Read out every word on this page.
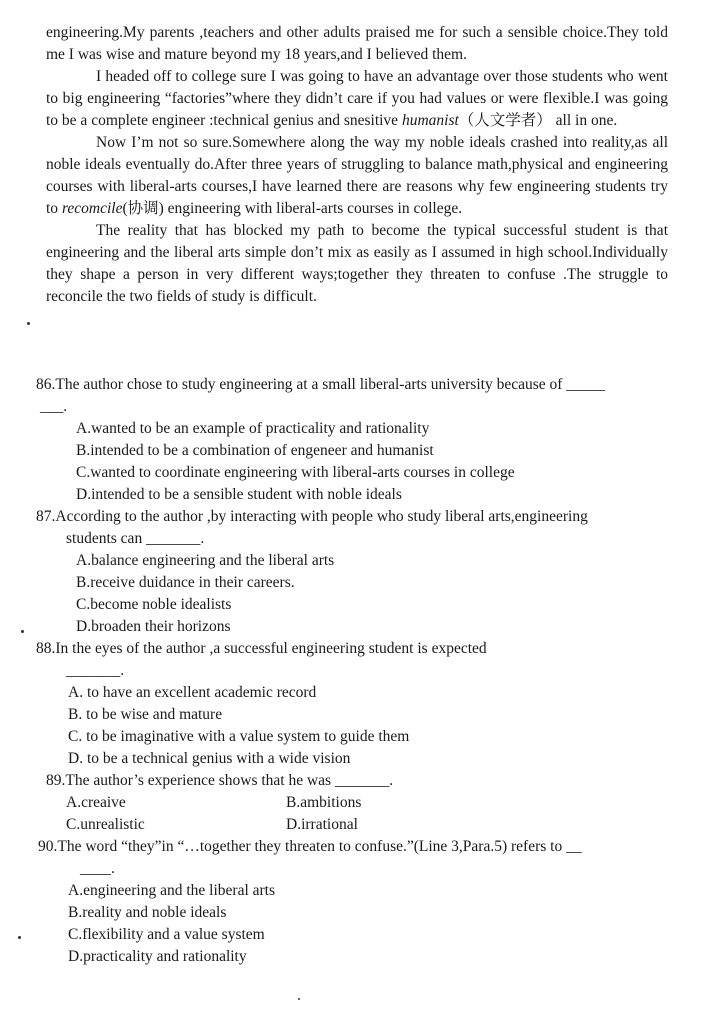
engineering.My parents ,teachers and other adults praised me for such a sensible choice.They told me I was wise and mature beyond my 18 years,and I believed them.

I headed off to college sure I was going to have an advantage over those students who went to big engineering “factories”where they didn’t care if you had values or were flexible.I was going to be a complete engineer :technical genius and snesitive humanist（人文学者） all in one.

Now I’m not so sure.Somewhere along the way my noble ideals crashed into reality,as all noble ideals eventually do.After three years of struggling to balance math,physical and engineering courses with liberal-arts courses,I have learned there are reasons why few engineering students try to recomcile(协调) engineering with liberal-arts courses in college.

The reality that has blocked my path to become the typical successful student is that engineering and the liberal arts simple don’t mix as easily as I assumed in high school.Individually they shape a person in very different ways;together they threaten to confuse .The struggle to reconcile the two fields of study is difficult.

86.The author chose to study engineering at a small liberal-arts university because of _____

___.

A.wanted to be an example of practicality and rationality

B.intended to be a combination of engeneer and humanist

C.wanted to coordinate engineering with liberal-arts courses in college

D.intended to be a sensible student with noble ideals

87.According to the author ,by interacting with people who study liberal arts,engineering

students can _______.

A.balance engineering and the liberal arts

B.receive duidance in their careers.

C.become noble idealists

D.broaden their horizons

88.In the eyes of the author ,a successful engineering student is expected

_______.

A. to have an excellent academic record

B. to be wise and mature

C. to be imaginative with a value system to guide them

D. to be a technical genius with a wide vision

89.The author’s experience shows that he was _______.

A.creaive	B.ambitions

C.unrealistic	D.irrational

90.The word “they”in “…together they threaten to confuse.”(Line 3,Para.5) refers to __

____.

A.engineering and the liberal arts

B.reality and noble ideals

C.flexibility and a value system

D.practicality and rationality
